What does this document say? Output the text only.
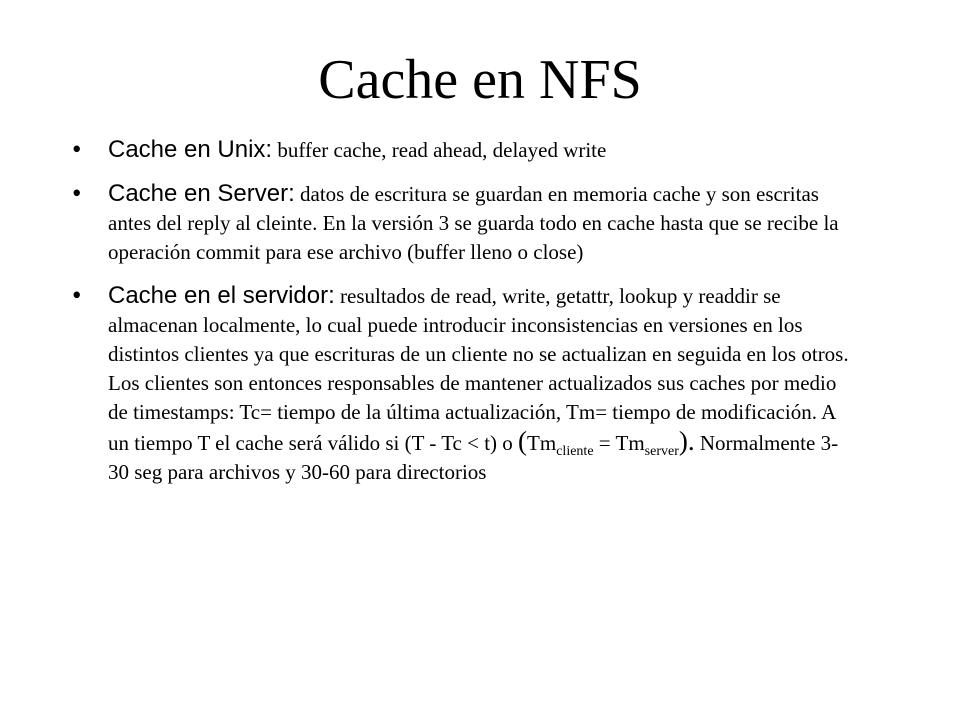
Cache en NFS
• Cache en Unix: buffer cache, read ahead, delayed write
• Cache en Server: datos de escritura se guardan en memoria cache y son escritas antes del reply al cleinte. En la versión 3 se guarda todo en cache hasta que se recibe la operación commit para ese archivo (buffer lleno o close)
• Cache en el servidor: resultados de read, write, getattr, lookup y readdir se almacenan localmente, lo cual puede introducir inconsistencias en versiones en los distintos clientes ya que escrituras de un cliente no se actualizan en seguida en los otros. Los clientes son entonces responsables de mantener actualizados sus caches por medio de timestamps: Tc= tiempo de la última actualización, Tm= tiempo de modificación. A un tiempo T el cache será válido si (T - Tc < t) o $(Tm_{cliente} = Tm_{server})$. Normalmente 3-30 seg para archivos y 30-60 para directorios
